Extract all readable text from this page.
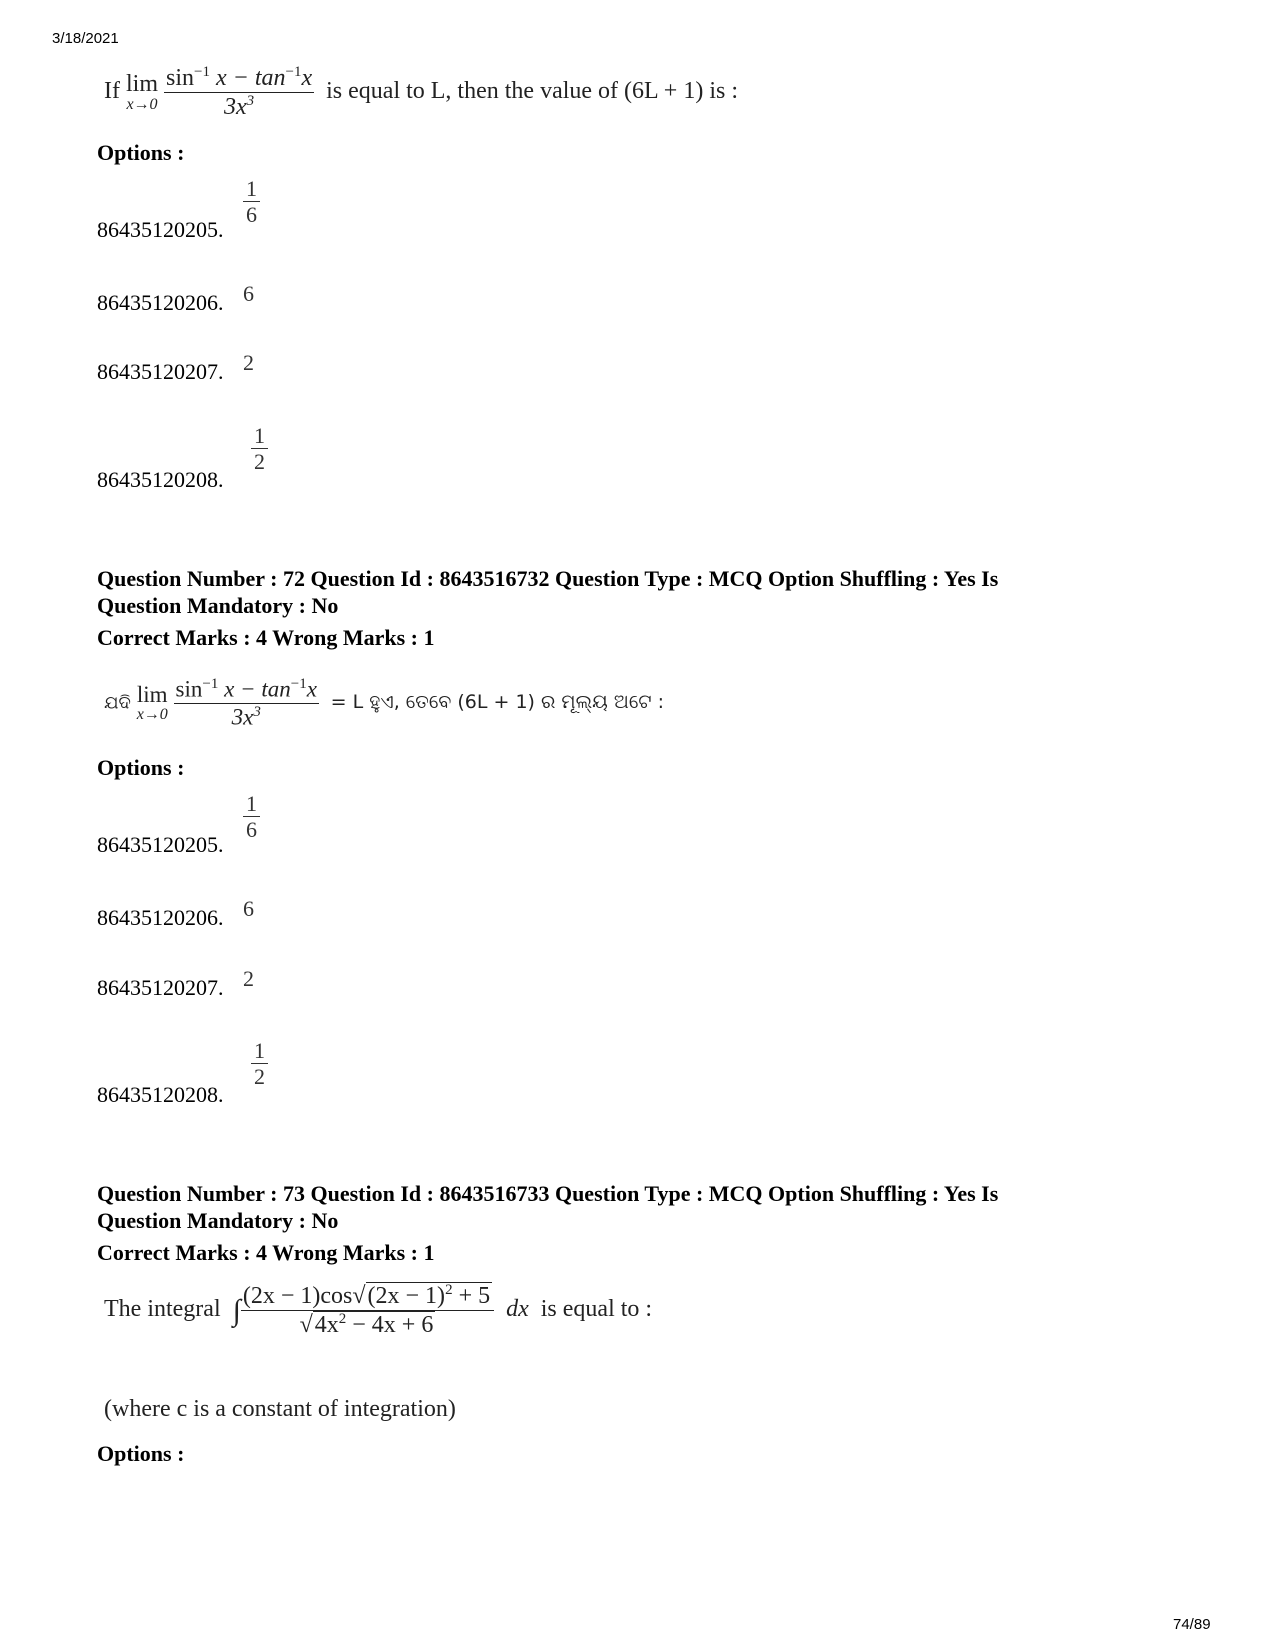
3/18/2021
If lim
x→0
$\frac{\sin^{-1} x - \tan^{-1}x}{3x^3}$ is equal to L, then the value of (6L + 1) is :
Options :
86435120205.
1
6
86435120206. 6
86435120207. 2
86435120208.
1
2
Question Number : 72 Question Id : 8643516732 Question Type : MCQ Option Shuffling : Yes Is
Question Mandatory : No
Correct Marks : 4 Wrong Marks : 1
ଯଦି lim
x→0
$\frac{\sin^{-1} x - \tan^{-1}x}{3x^3} = L$ ହୁଏ, ତେବେ (6L + 1) ର ମୂଲ୍ୟ ଅଟେ :
Options :
86435120205.
1
6
86435120206. 6
86435120207. 2
86435120208.
1
2
Question Number : 73 Question Id : 8643516733 Question Type : MCQ Option Shuffling : Yes Is
Question Mandatory : No
Correct Marks : 4 Wrong Marks : 1
The integral ∫ $\frac{(2x - 1)\cos√(2x - 1)^2 + 5}{√4x^2 - 4x + 6}$ dx is equal to :
(where c is a constant of integration)
Options :
74/89
